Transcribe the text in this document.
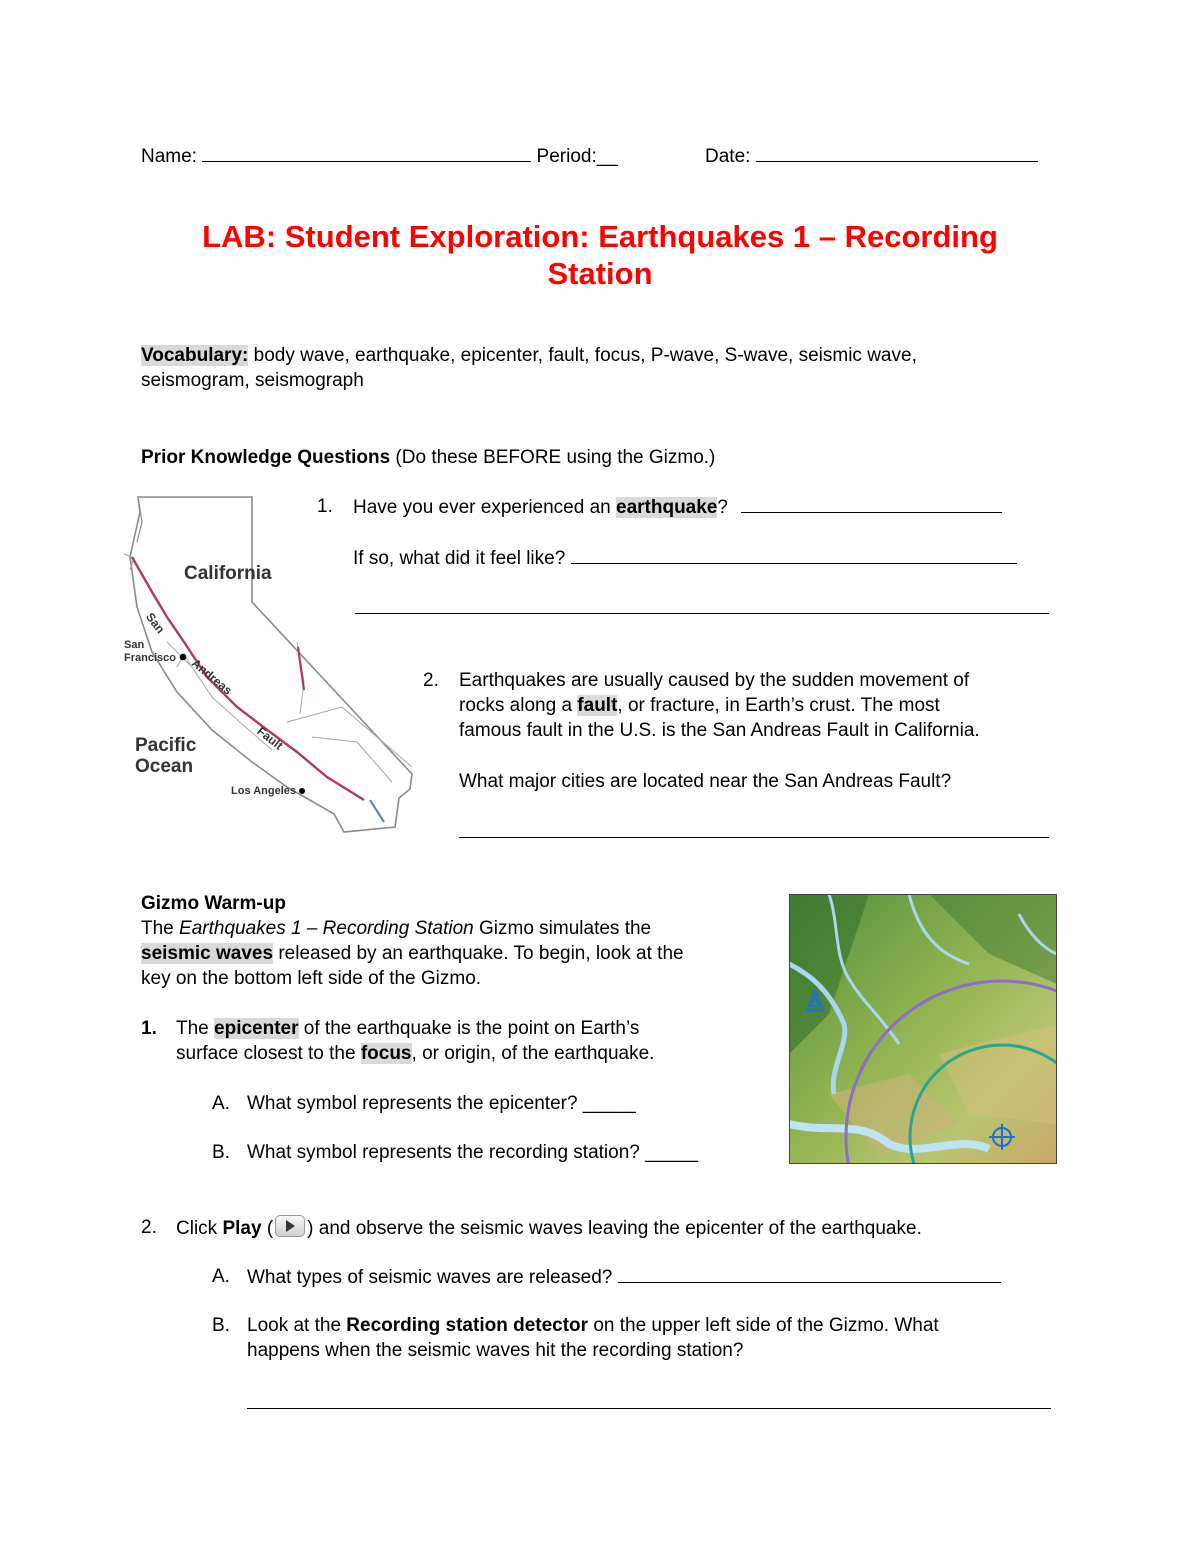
Name:	Period:__	Date:
LAB: Student Exploration: Earthquakes 1 – Recording
Station
Vocabulary: body wave, earthquake, epicenter, fault, focus, P-wave, S-wave, seismic wave,
seismogram, seismograph
Prior Knowledge Questions (Do these BEFORE using the Gizmo.)
California
Pacific
Ocean
San
Francisco
Los Angeles
San
Andreas
Fault
1. Have you ever experienced an earthquake?
If so, what did it feel like?
2. Earthquakes are usually caused by the sudden movement of
rocks along a fault, or fracture, in Earth’s crust. The most
famous fault in the U.S. is the San Andreas Fault in California.
What major cities are located near the San Andreas Fault?
Gizmo Warm-up
The Earthquakes 1 – Recording Station Gizmo simulates the
seismic waves released by an earthquake. To begin, look at the
key on the bottom left side of the Gizmo.
1. The epicenter of the earthquake is the point on Earth’s
surface closest to the focus, or origin, of the earthquake.
A. What symbol represents the epicenter? _____
B. What symbol represents the recording station? _____
2. Click Play ( ) and observe the seismic waves leaving the epicenter of the earthquake.
A. What types of seismic waves are released?
B. Look at the Recording station detector on the upper left side of the Gizmo. What
happens when the seismic waves hit the recording station?
